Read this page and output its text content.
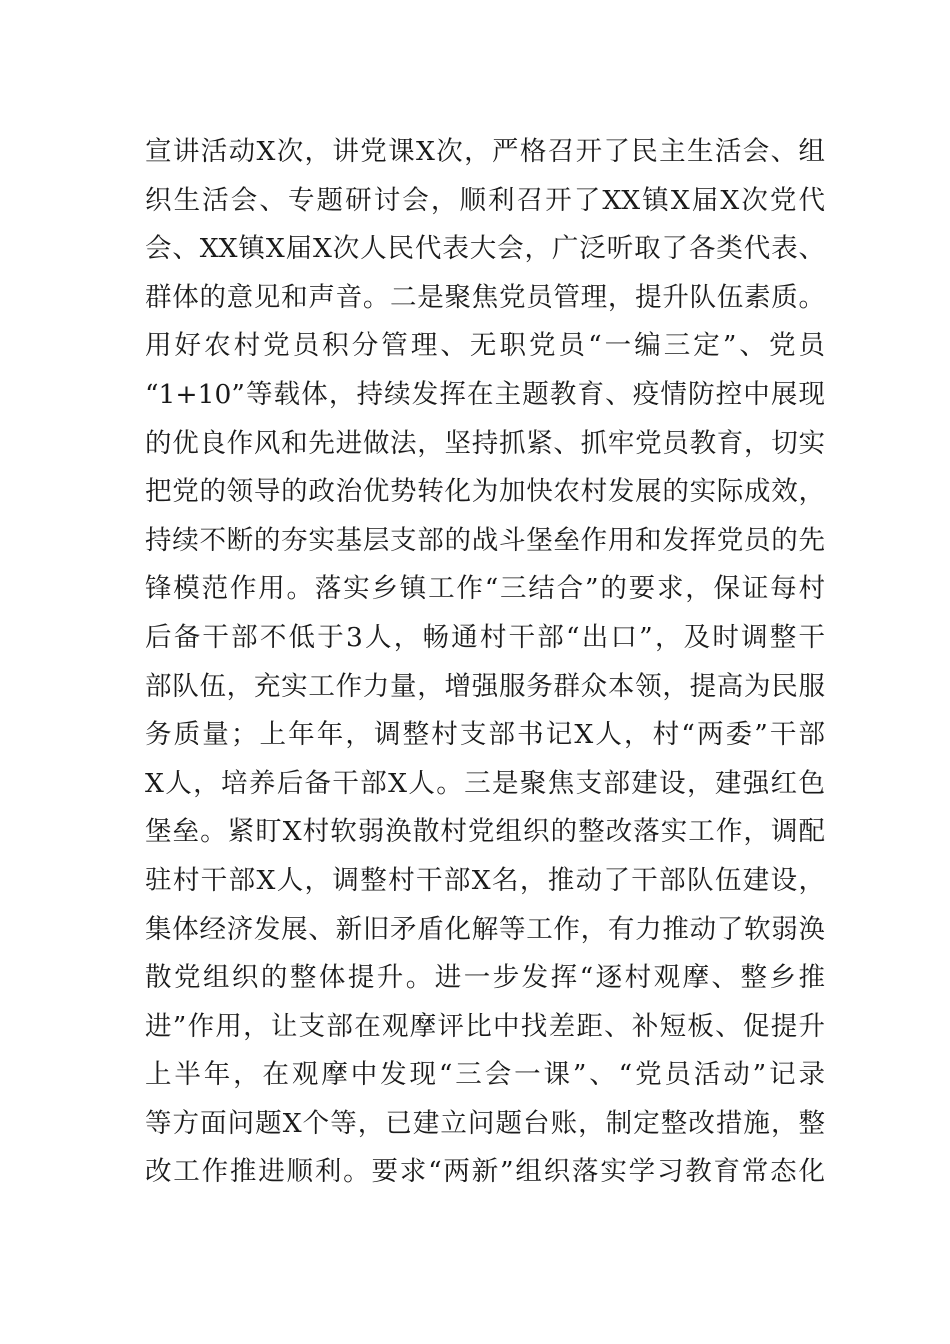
宣讲活动X次，讲党课X次，严格召开了民主生活会、组
织生活会、专题研讨会，顺利召开了XX镇X届X次党代
会、XX镇X届X次人民代表大会，广泛听取了各类代表、
群体的意见和声音。二是聚焦党员管理，提升队伍素质。
用好农村党员积分管理、无职党员“一编三定”、党员
“1+10”等载体，持续发挥在主题教育、疫情防控中展现
的优良作风和先进做法，坚持抓紧、抓牢党员教育，切实
把党的领导的政治优势转化为加快农村发展的实际成效，
持续不断的夯实基层支部的战斗堡垒作用和发挥党员的先
锋模范作用。落实乡镇工作“三结合”的要求，保证每村
后备干部不低于3人，畅通村干部“出口”，及时调整干
部队伍，充实工作力量，增强服务群众本领，提高为民服
务质量；上年年，调整村支部书记X人，村“两委”干部
X人，培养后备干部X人。三是聚焦支部建设，建强红色
堡垒。紧盯X村软弱涣散村党组织的整改落实工作，调配
驻村干部X人，调整村干部X名，推动了干部队伍建设，
集体经济发展、新旧矛盾化解等工作，有力推动了软弱涣
散党组织的整体提升。进一步发挥“逐村观摩、整乡推
进”作用，让支部在观摩评比中找差距、补短板、促提升
上半年，在观摩中发现“三会一课”、“党员活动”记录
等方面问题X个等，已建立问题台账，制定整改措施，整
改工作推进顺利。要求“两新”组织落实学习教育常态化
